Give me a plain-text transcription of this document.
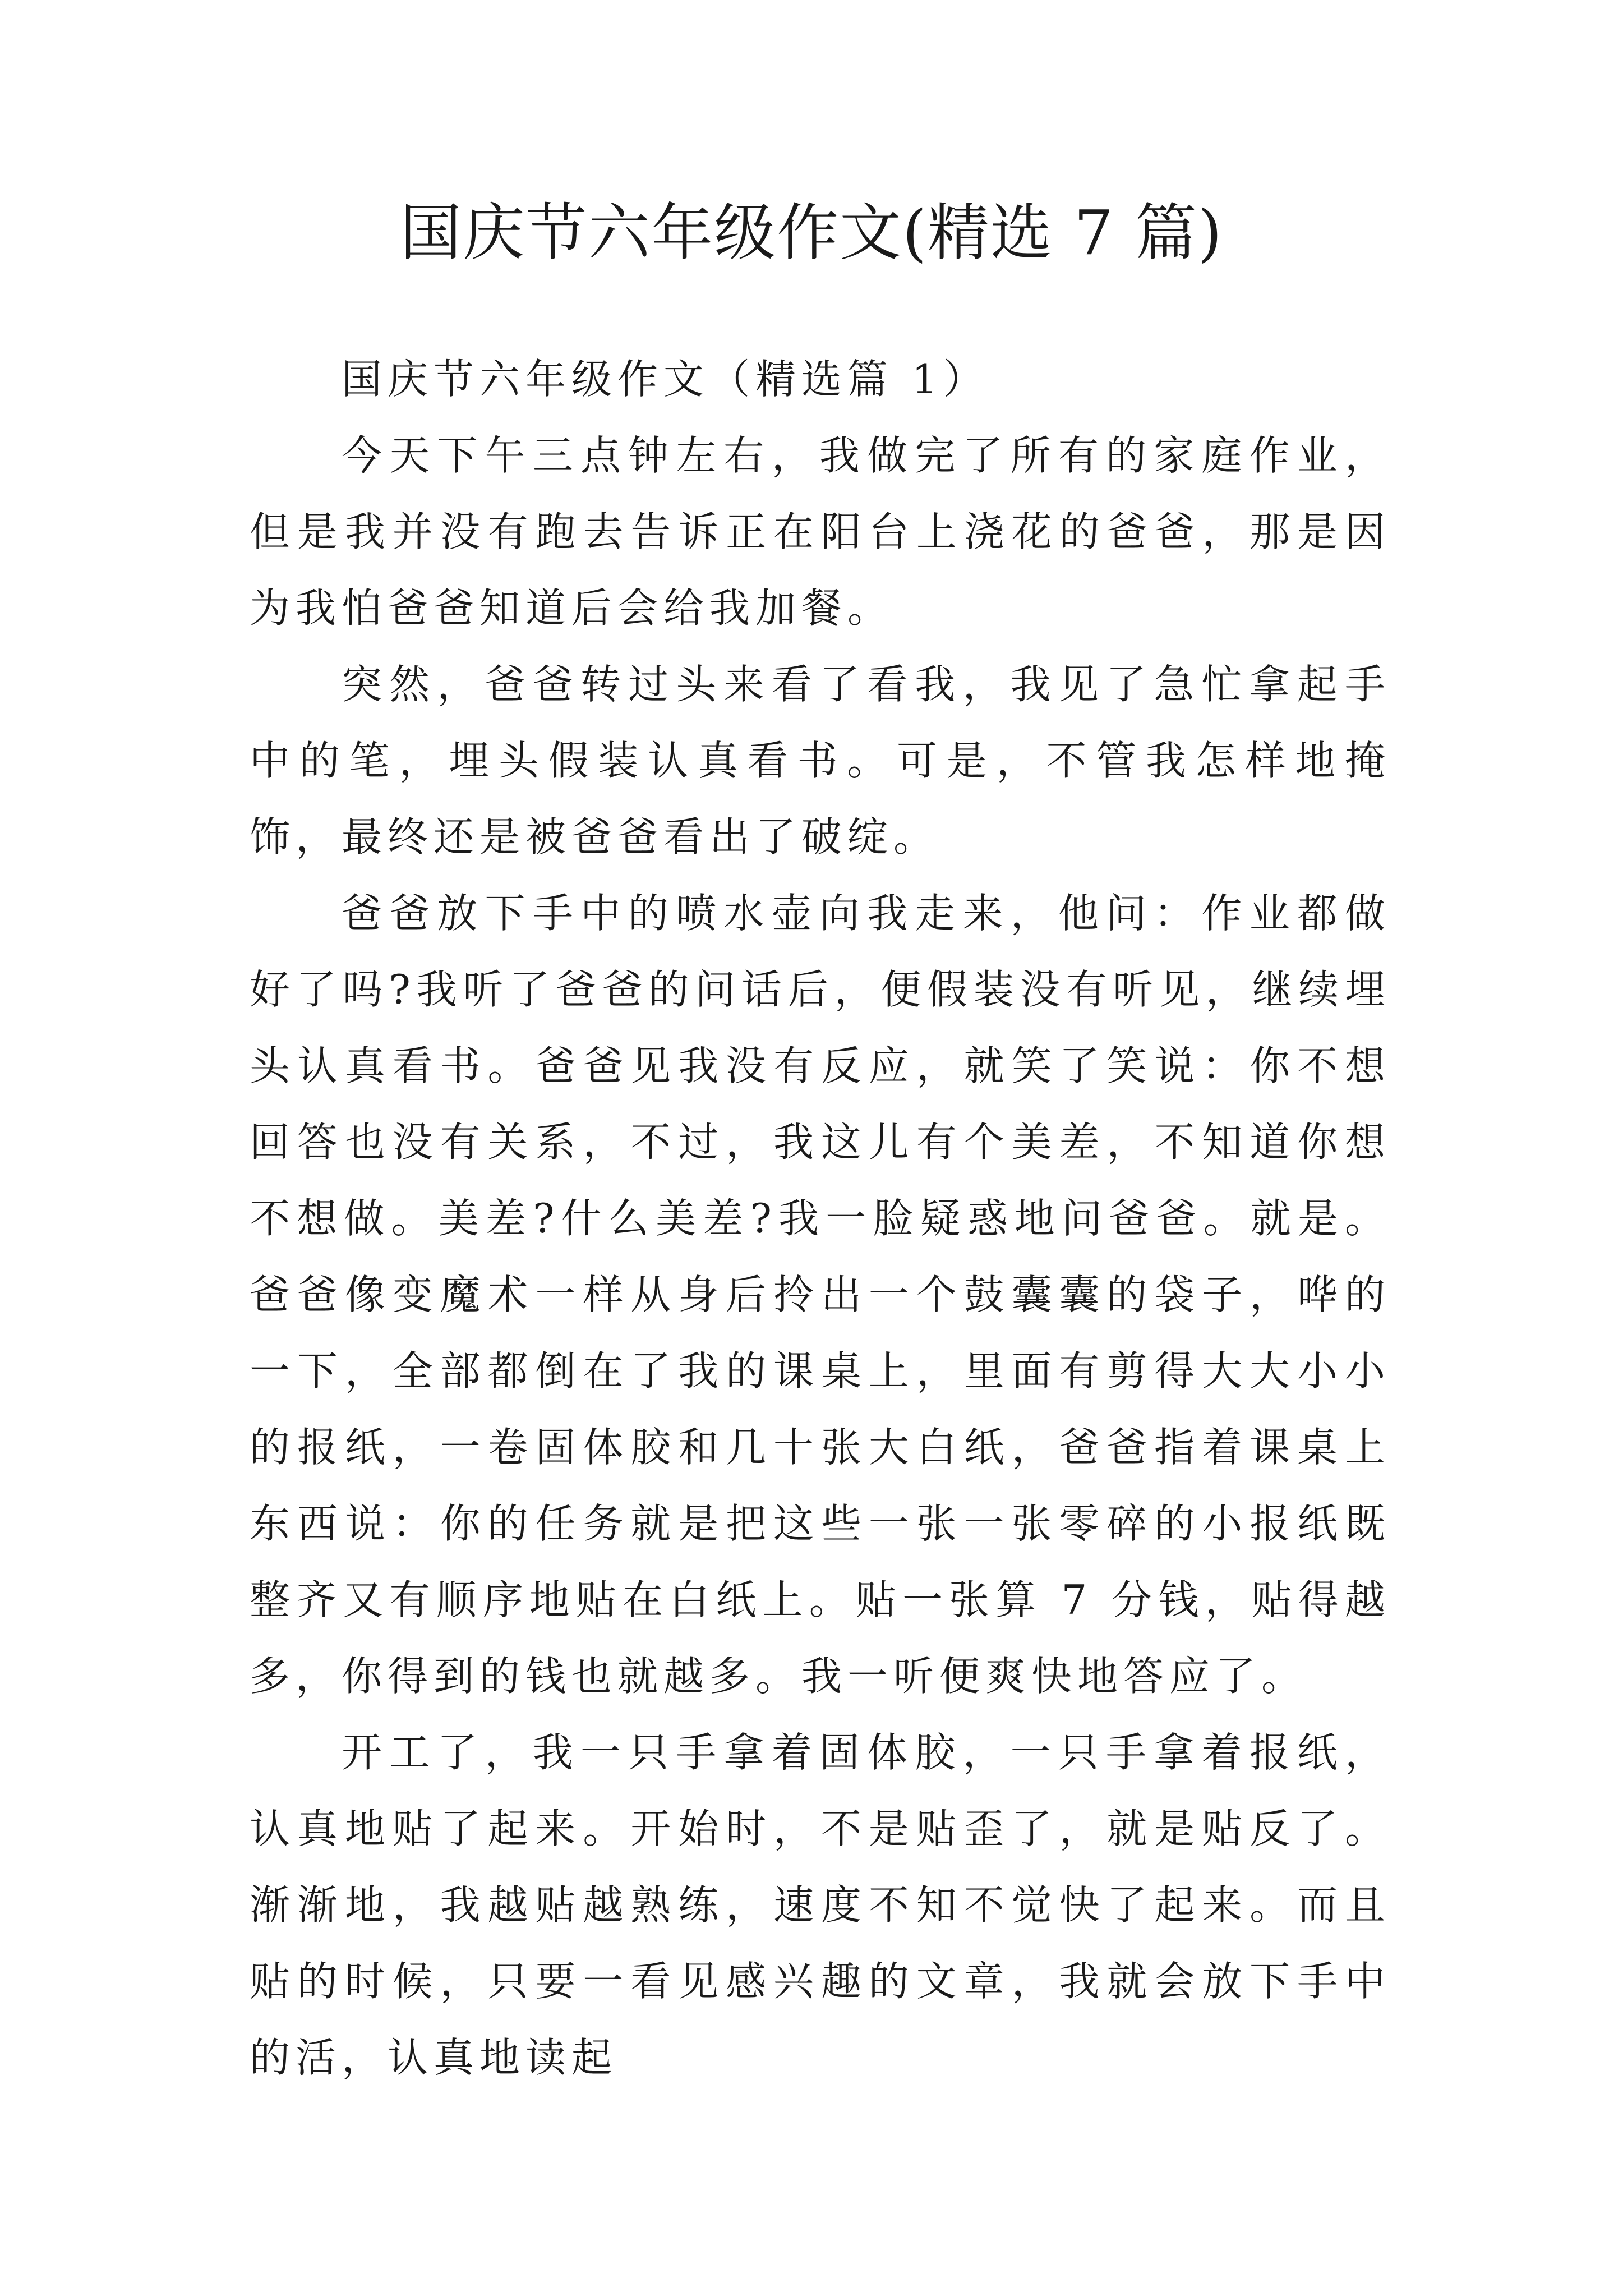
国庆节六年级作文(精选 7 篇)

国庆节六年级作文（精选篇 1）

今天下午三点钟左右，我做完了所有的家庭作业，但是我并没有跑去告诉正在阳台上浇花的爸爸，那是因为我怕爸爸知道后会给我加餐。

突然，爸爸转过头来看了看我，我见了急忙拿起手中的笔，埋头假装认真看书。可是，不管我怎样地掩饰，最终还是被爸爸看出了破绽。

爸爸放下手中的喷水壶向我走来，他问：作业都做好了吗?我听了爸爸的问话后，便假装没有听见，继续埋头认真看书。爸爸见我没有反应，就笑了笑说：你不想回答也没有关系，不过，我这儿有个美差，不知道你想不想做。美差?什么美差?我一脸疑惑地问爸爸。就是。爸爸像变魔术一样从身后拎出一个鼓囊囊的袋子，哗的一下，全部都倒在了我的课桌上，里面有剪得大大小小的报纸，一卷固体胶和几十张大白纸，爸爸指着课桌上东西说：你的任务就是把这些一张一张零碎的小报纸既整齐又有顺序地贴在白纸上。贴一张算 7 分钱，贴得越多，你得到的钱也就越多。我一听便爽快地答应了。

开工了，我一只手拿着固体胶，一只手拿着报纸，认真地贴了起来。开始时，不是贴歪了，就是贴反了。渐渐地，我越贴越熟练，速度不知不觉快了起来。而且贴的时候，只要一看见感兴趣的文章，我就会放下手中的活，认真地读起
